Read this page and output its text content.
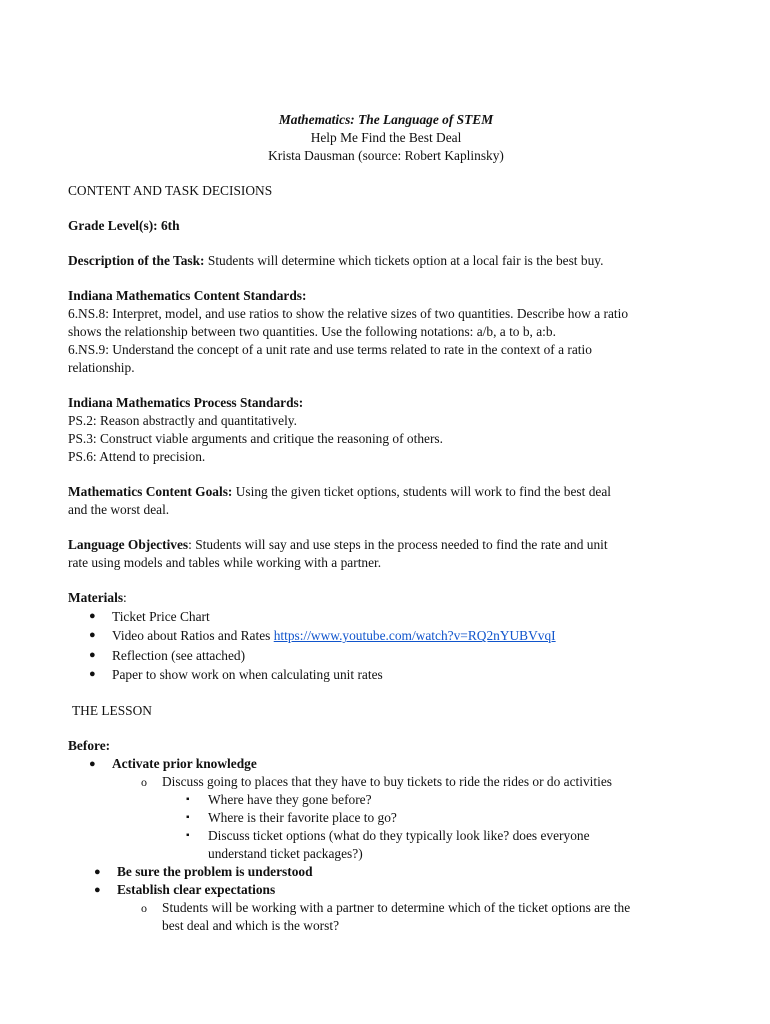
Mathematics: The Language of STEM
Help Me Find the Best Deal
Krista Dausman (source: Robert Kaplinsky)
CONTENT AND TASK DECISIONS
Grade Level(s): 6th
Description of the Task: Students will determine which tickets option at a local fair is the best buy.
Indiana Mathematics Content Standards:
6.NS.8: Interpret, model, and use ratios to show the relative sizes of two quantities. Describe how a ratio
shows the relationship between two quantities. Use the following notations: a/b, a to b, a:b.
6.NS.9: Understand the concept of a unit rate and use terms related to rate in the context of a ratio
relationship.
Indiana Mathematics Process Standards:
PS.2: Reason abstractly and quantitatively.
PS.3: Construct viable arguments and critique the reasoning of others.
PS.6: Attend to precision.
Mathematics Content Goals: Using the given ticket options, students will work to find the best deal
and the worst deal.
Language Objectives: Students will say and use steps in the process needed to find the rate and unit
rate using models and tables while working with a partner.
Materials:
● Ticket Price Chart
● Video about Ratios and Rates https://www.youtube.com/watch?v=RQ2nYUBVvqI
● Reflection (see attached)
● Paper to show work on when calculating unit rates
THE LESSON
Before:
● Activate prior knowledge
o Discuss going to places that they have to buy tickets to ride the rides or do activities
▪ Where have they gone before?
▪ Where is their favorite place to go?
▪ Discuss ticket options (what do they typically look like? does everyone
understand ticket packages?)
● Be sure the problem is understood
● Establish clear expectations
o Students will be working with a partner to determine which of the ticket options are the
best deal and which is the worst?
